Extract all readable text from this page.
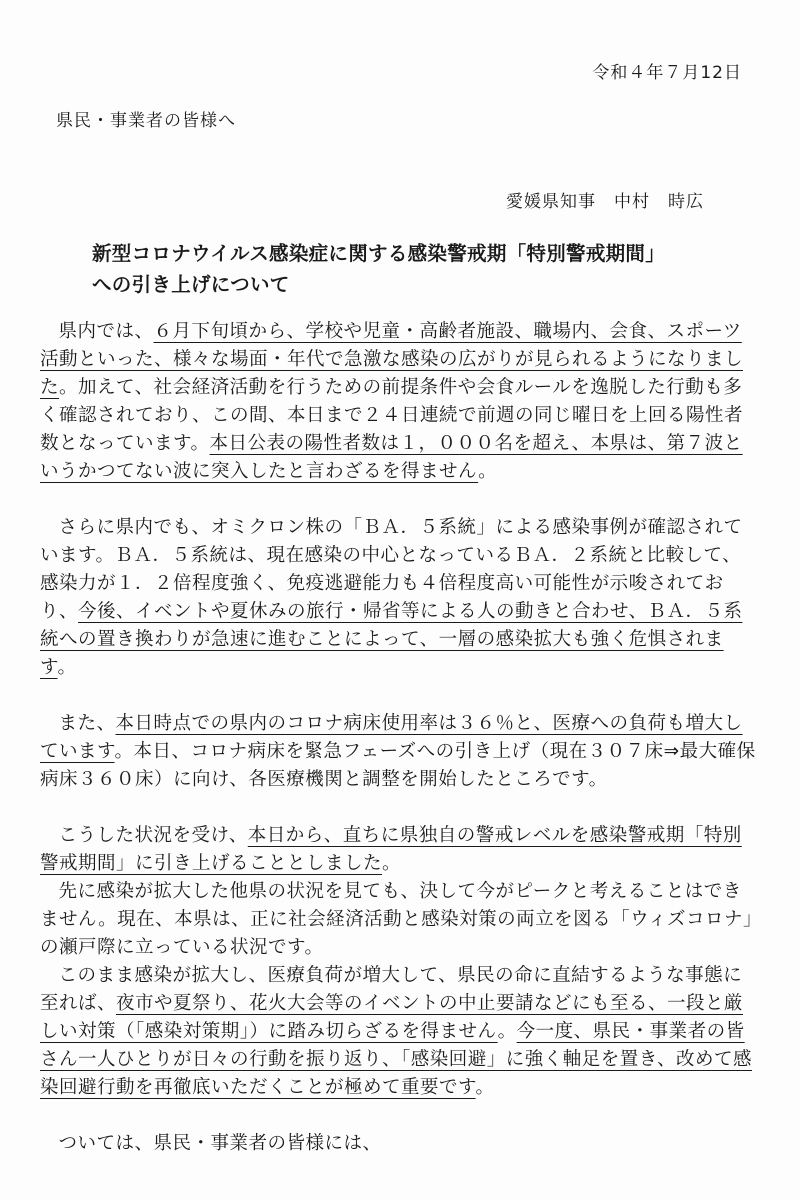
令和４年７月12日
県民・事業者の皆様へ
愛媛県知事 中村　時広
新型コロナウイルス感染症に関する感染警戒期「特別警戒期間」
への引き上げについて

県内では、６月下旬頃から、学校や児童・高齢者施設、職場内、会食、スポーツ活動といった、様々な場面・年代で急激な感染の広がりが見られるようになりました。加えて、社会経済活動を行うための前提条件や会食ルールを逸脱した行動も多く確認されており、この間、本日まで２４日連続で前週の同じ曜日を上回る陽性者数となっています。本日公表の陽性者数は１，０００名を超え、本県は、第７波というかつてない波に突入したと言わざるを得ません。

さらに県内でも、オミクロン株の「ＢＡ．５系統」による感染事例が確認されています。ＢＡ．５系統は、現在感染の中心となっているＢＡ．２系統と比較して、感染力が１．２倍程度強く、免疫逃避能力も４倍程度高い可能性が示唆されており、今後、イベントや夏休みの旅行・帰省等による人の動きと合わせ、ＢＡ．５系統への置き換わりが急速に進むことによって、一層の感染拡大も強く危惧されます。

また、本日時点での県内のコロナ病床使用率は３６％と、医療への負荷も増大しています。本日、コロナ病床を緊急フェーズへの引き上げ（現在３０７床⇒最大確保病床３６０床）に向け、各医療機関と調整を開始したところです。

こうした状況を受け、本日から、直ちに県独自の警戒レベルを感染警戒期「特別警戒期間」に引き上げることとしました。

先に感染が拡大した他県の状況を見ても、決して今がピークと考えることはできません。現在、本県は、正に社会経済活動と感染対策の両立を図る「ウィズコロナ」の瀬戸際に立っている状況です。

このまま感染が拡大し、医療負荷が増大して、県民の命に直結するような事態に至れば、夜市や夏祭り、花火大会等のイベントの中止要請などにも至る、一段と厳しい対策（「感染対策期」）に踏み切らざるを得ません。今一度、県民・事業者の皆さん一人ひとりが日々の行動を振り返り、「感染回避」に強く軸足を置き、改めて感染回避行動を再徹底いただくことが極めて重要です。

ついては、県民・事業者の皆様には、
